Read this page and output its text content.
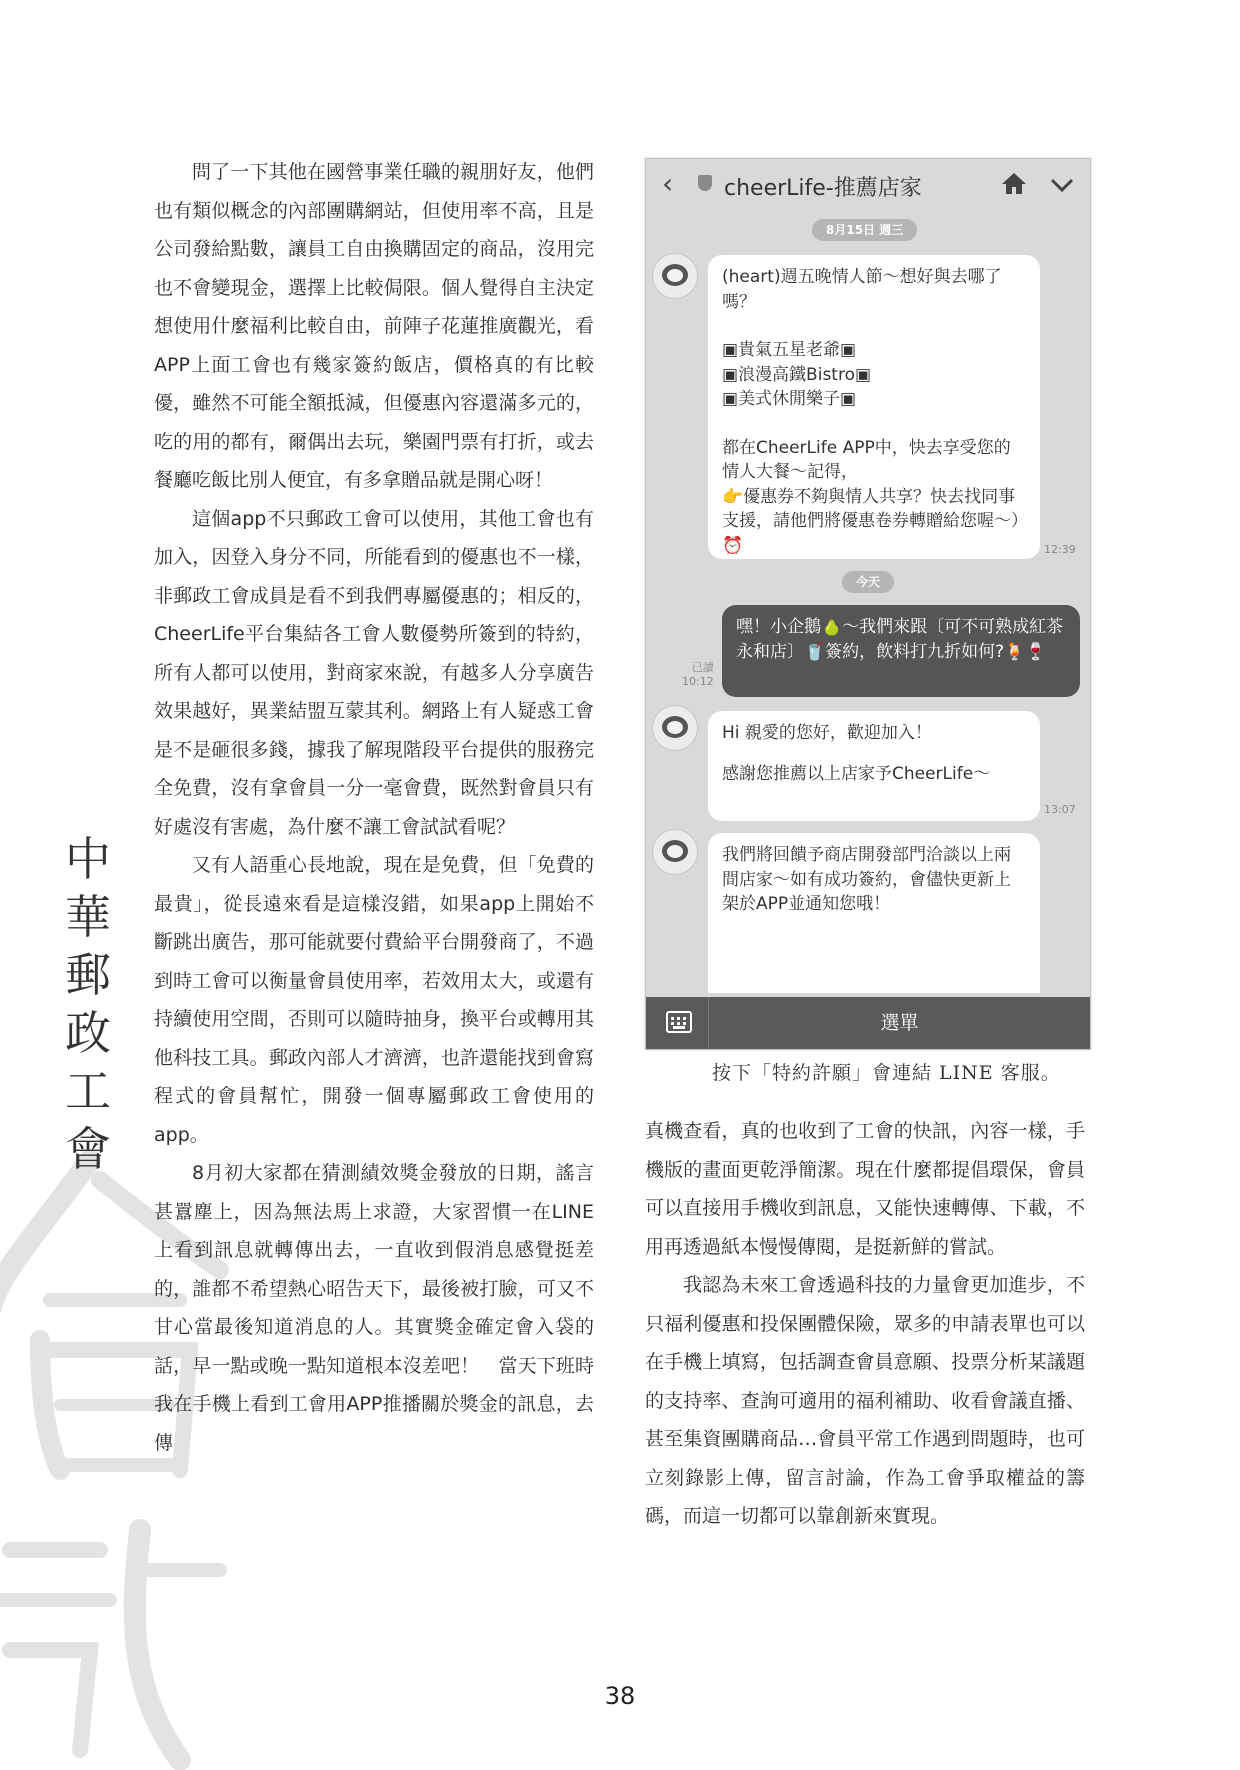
中
華
郵
政
工
會

問了一下其他在國營事業任職的親朋好友，他們也有類似概念的內部團購網站，但使用率不高，且是公司發給點數，讓員工自由換購固定的商品，沒用完也不會變現金，選擇上比較侷限。個人覺得自主決定想使用什麼福利比較自由，前陣子花蓮推廣觀光，看APP上面工會也有幾家簽約飯店，價格真的有比較優，雖然不可能全額抵減，但優惠內容還滿多元的，吃的用的都有，爾偶出去玩，樂園門票有打折，或去餐廳吃飯比別人便宜，有多拿贈品就是開心呀！

這個app不只郵政工會可以使用，其他工會也有加入，因登入身分不同，所能看到的優惠也不一樣，非郵政工會成員是看不到我們專屬優惠的；相反的，CheerLife平台集結各工會人數優勢所簽到的特約，所有人都可以使用，對商家來說，有越多人分享廣告效果越好，異業結盟互蒙其利。網路上有人疑惑工會是不是砸很多錢，據我了解現階段平台提供的服務完全免費，沒有拿會員一分一毫會費，既然對會員只有好處沒有害處，為什麼不讓工會試試看呢？

又有人語重心長地說，現在是免費，但「免費的最貴」，從長遠來看是這樣沒錯，如果app上開始不斷跳出廣告，那可能就要付費給平台開發商了，不過到時工會可以衡量會員使用率，若效用太大，或還有持續使用空間，否則可以隨時抽身，換平台或轉用其他科技工具。郵政內部人才濟濟，也許還能找到會寫程式的會員幫忙，開發一個專屬郵政工會使用的app。

8月初大家都在猜測績效獎金發放的日期，謠言甚囂塵上，因為無法馬上求證，大家習慣一在LINE上看到訊息就轉傳出去，一直收到假消息感覺挺差的，誰都不希望熱心昭告天下，最後被打臉，可又不甘心當最後知道消息的人。其實獎金確定會入袋的話，早一點或晚一點知道根本沒差吧！　當天下班時我在手機上看到工會用APP推播關於獎金的訊息，去傳

‹ cheerLife-推薦店家
8月15日 週三

(heart)週五晚情人節～想好與去哪了嗎？

▣貴氣五星老爺▣

▣浪漫高鐵Bistro▣

▣美式休閒樂子▣

都在CheerLife APP中，快去享受您的情人大餐～記得，

👉優惠券不夠與情人共享？快去找同事支援，請他們將優惠卷券轉贈給您喔～）⏰	12:39
今天
已讀
10:12

嘿！小企鵝🍐～我們來跟〔可不可熟成紅茶永和店〕🥤簽約，飲料打九折如何?🍹🍷

Hi 親愛的您好，歡迎加入！

感謝您推薦以上店家予CheerLife～

13:07

我們將回饋予商店開發部門洽談以上兩間店家～如有成功簽約，會儘快更新上架於APP並通知您哦！

選單
按下「特約許願」會連結 LINE 客服。

真機查看，真的也收到了工會的快訊，內容一樣，手機版的畫面更乾淨簡潔。現在什麼都提倡環保，會員可以直接用手機收到訊息，又能快速轉傳、下載，不用再透過紙本慢慢傳閱，是挺新鮮的嘗試。

我認為未來工會透過科技的力量會更加進步，不只福利優惠和投保團體保險，眾多的申請表單也可以在手機上填寫，包括調查會員意願、投票分析某議題的支持率、查詢可適用的福利補助、收看會議直播、甚至集資團購商品…會員平常工作遇到問題時，也可立刻錄影上傳，留言討論，作為工會爭取權益的籌碼，而這一切都可以靠創新來實現。

38
